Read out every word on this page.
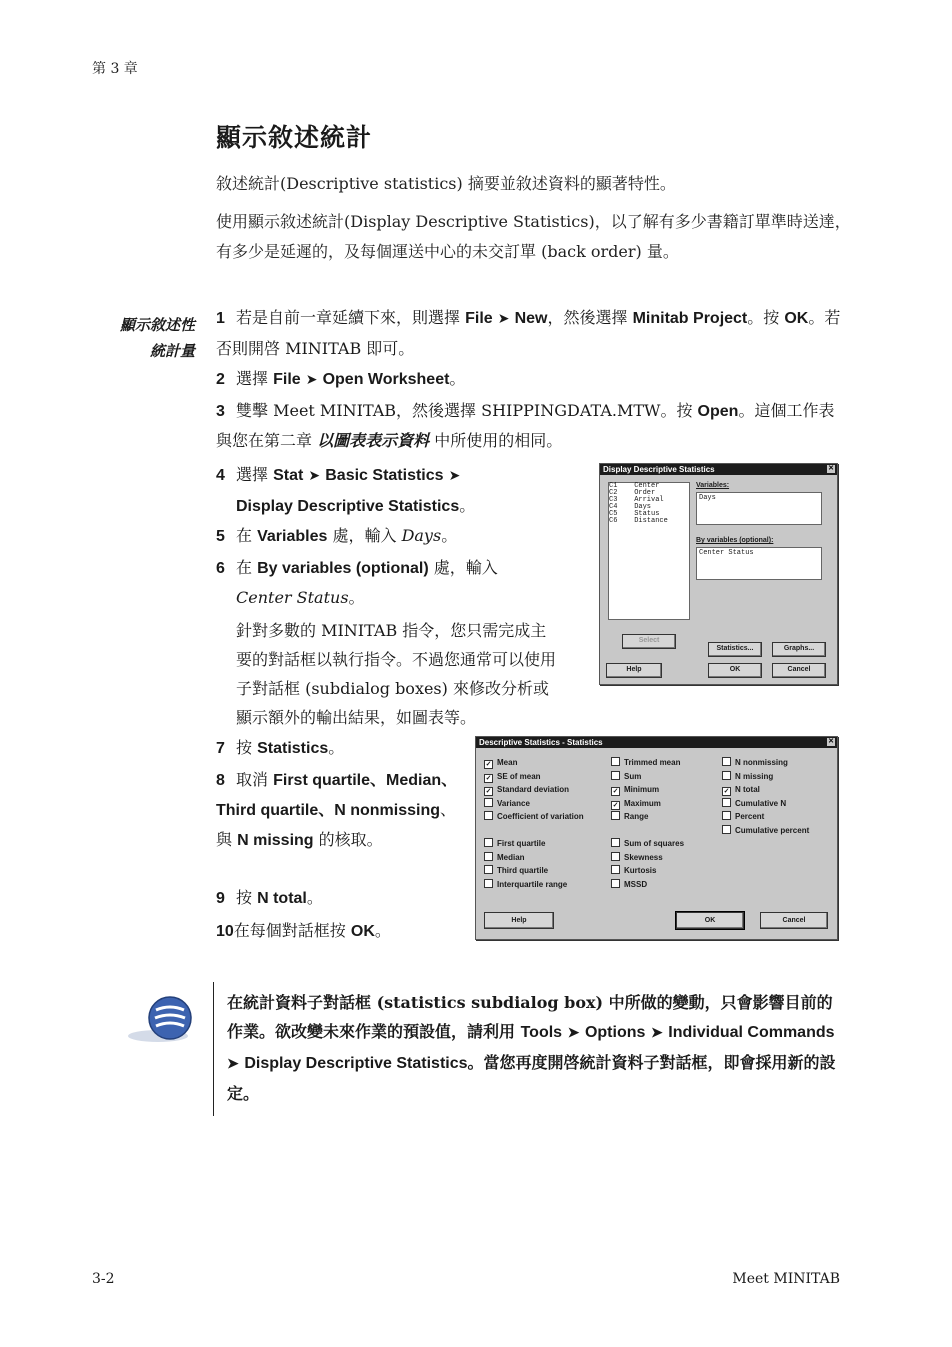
第 3 章
顯示敘述統計
敘述統計(Descriptive statistics) 摘要並敘述資料的顯著特性。
使用顯示敘述統計(Display Descriptive Statistics)，以了解有多少書籍訂單準時送達，有多少是延遲的，及每個運送中心的未交訂單 (back order) 量。
顯示敘述性
統計量
1 若是自前一章延續下來，則選擇 File ➤ New，然後選擇 Minitab Project。按 OK。若否則開啓 MINITAB 即可。
2 選擇 File ➤ Open Worksheet。
3 雙擊 Meet MINITAB，然後選擇 SHIPPINGDATA.MTW。按 Open。這個工作表與您在第二章 以圖表表示資料 中所使用的相同。
4 選擇 Stat ➤ Basic Statistics ➤

Display Descriptive Statistics。
5 在 Variables 處，輸入 Days。
6 在 By variables (optional) 處，輸入
Center Status。
針對多數的 MINITAB 指令，您只需完成主要的對話框以執行指令。不過您通常可以使用子對話框 (subdialog boxes) 來修改分析或顯示額外的輸出結果，如圖表等。
7 按 Statistics。
8 取消 First quartile、Median、Third quartile、N nonmissing、與 N missing 的核取。
9 按 N total。
10在每個對話框按 OK。
Display Descriptive Statistics	✕
C1    Center
C2    Order
C3    Arrival
C4    Days
C5    Status
C6    Distance
Variables:
Days
By variables (optional):
Center Status
Select
Statistics...	Graphs...
Help	OK	Cancel
Descriptive Statistics - Statistics	✕
✓ Mean
✓ SE of mean
✓ Standard deviation
Variance
Coefficient of variation
First quartile
Median
Third quartile
Interquartile range
Trimmed mean
Sum
✓ Minimum
✓ Maximum
Range
Sum of squares
Skewness
Kurtosis
MSSD
N nonmissing
N missing
✓ N total
Cumulative N
Percent
Cumulative percent
Help	OK	Cancel
在統計資料子對話框 (statistics subdialog box) 中所做的變動，只會影響目前的作業。欲改變未來作業的預設值，請利用 Tools ➤ Options ➤ Individual Commands ➤ Display Descriptive Statistics。當您再度開啓統計資料子對話框，即會採用新的設定。
3-2	Meet MINITAB
